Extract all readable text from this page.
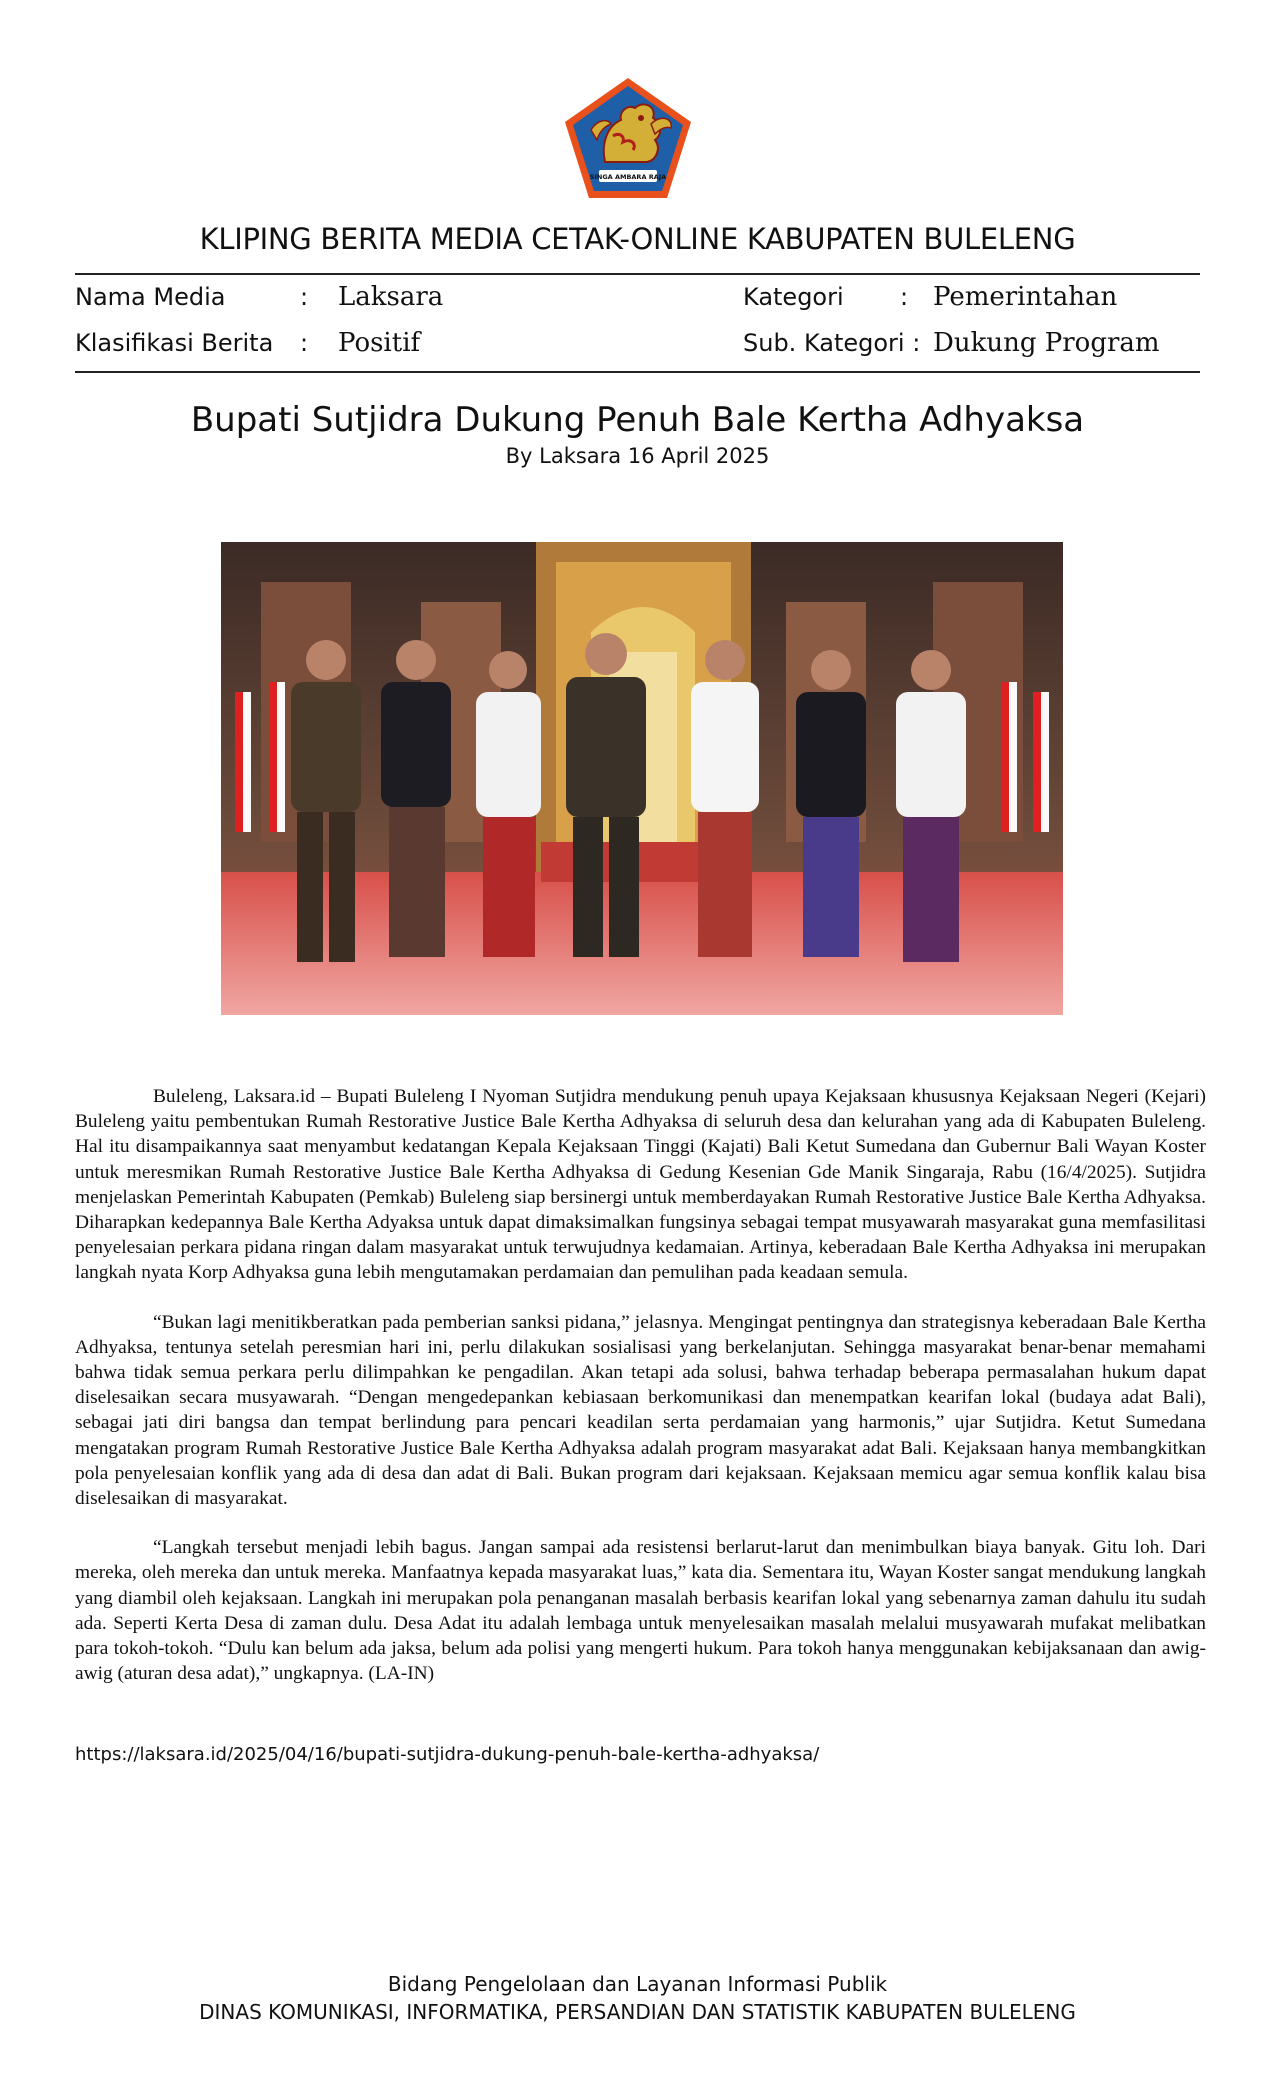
SINGA AMBARA RAJA
KLIPING BERITA MEDIA CETAK-ONLINE KABUPATEN BULELENG
Nama Media	: Laksara
Klasifikasi Berita : Positif
Kategori : Pemerintahan
Sub. Kategori : Dukung Program
Bupati Sutjidra Dukung Penuh Bale Kertha Adhyaksa
By Laksara 16 April 2025

Buleleng, Laksara.id – Bupati Buleleng I Nyoman Sutjidra mendukung penuh upaya Kejaksaan khususnya Kejaksaan Negeri (Kejari) Buleleng yaitu pembentukan Rumah Restorative Justice Bale Kertha Adhyaksa di seluruh desa dan kelurahan yang ada di Kabupaten Buleleng. Hal itu disampaikannya saat menyambut kedatangan Kepala Kejaksaan Tinggi (Kajati) Bali Ketut Sumedana dan Gubernur Bali Wayan Koster untuk meresmikan Rumah Restorative Justice Bale Kertha Adhyaksa di Gedung Kesenian Gde Manik Singaraja, Rabu (16/4/2025). Sutjidra menjelaskan Pemerintah Kabupaten (Pemkab) Buleleng siap bersinergi untuk memberdayakan Rumah Restorative Justice Bale Kertha Adhyaksa. Diharapkan kedepannya Bale Kertha Adyaksa untuk dapat dimaksimalkan fungsinya sebagai tempat musyawarah masyarakat guna memfasilitasi penyelesaian perkara pidana ringan dalam masyarakat untuk terwujudnya kedamaian. Artinya, keberadaan Bale Kertha Adhyaksa ini merupakan langkah nyata Korp Adhyaksa guna lebih mengutamakan perdamaian dan pemulihan pada keadaan semula.

“Bukan lagi menitikberatkan pada pemberian sanksi pidana,” jelasnya. Mengingat pentingnya dan strategisnya keberadaan Bale Kertha Adhyaksa, tentunya setelah peresmian hari ini, perlu dilakukan sosialisasi yang berkelanjutan. Sehingga masyarakat benar-benar memahami bahwa tidak semua perkara perlu dilimpahkan ke pengadilan. Akan tetapi ada solusi, bahwa terhadap beberapa permasalahan hukum dapat diselesaikan secara musyawarah. “Dengan mengedepankan kebiasaan berkomunikasi dan menempatkan kearifan lokal (budaya adat Bali), sebagai jati diri bangsa dan tempat berlindung para pencari keadilan serta perdamaian yang harmonis,” ujar Sutjidra. Ketut Sumedana mengatakan program Rumah Restorative Justice Bale Kertha Adhyaksa adalah program masyarakat adat Bali. Kejaksaan hanya membangkitkan pola penyelesaian konflik yang ada di desa dan adat di Bali. Bukan program dari kejaksaan. Kejaksaan memicu agar semua konflik kalau bisa diselesaikan di masyarakat.

“Langkah tersebut menjadi lebih bagus. Jangan sampai ada resistensi berlarut-larut dan menimbulkan biaya banyak. Gitu loh. Dari mereka, oleh mereka dan untuk mereka. Manfaatnya kepada masyarakat luas,” kata dia. Sementara itu, Wayan Koster sangat mendukung langkah yang diambil oleh kejaksaan. Langkah ini merupakan pola penanganan masalah berbasis kearifan lokal yang sebenarnya zaman dahulu itu sudah ada. Seperti Kerta Desa di zaman dulu. Desa Adat itu adalah lembaga untuk menyelesaikan masalah melalui musyawarah mufakat melibatkan para tokoh-tokoh. “Dulu kan belum ada jaksa, belum ada polisi yang mengerti hukum. Para tokoh hanya menggunakan kebijaksanaan dan awig-awig (aturan desa adat),” ungkapnya. (LA-IN)

https://laksara.id/2025/04/16/bupati-sutjidra-dukung-penuh-bale-kertha-adhyaksa/
Bidang Pengelolaan dan Layanan Informasi Publik
DINAS KOMUNIKASI, INFORMATIKA, PERSANDIAN DAN STATISTIK KABUPATEN BULELENG
